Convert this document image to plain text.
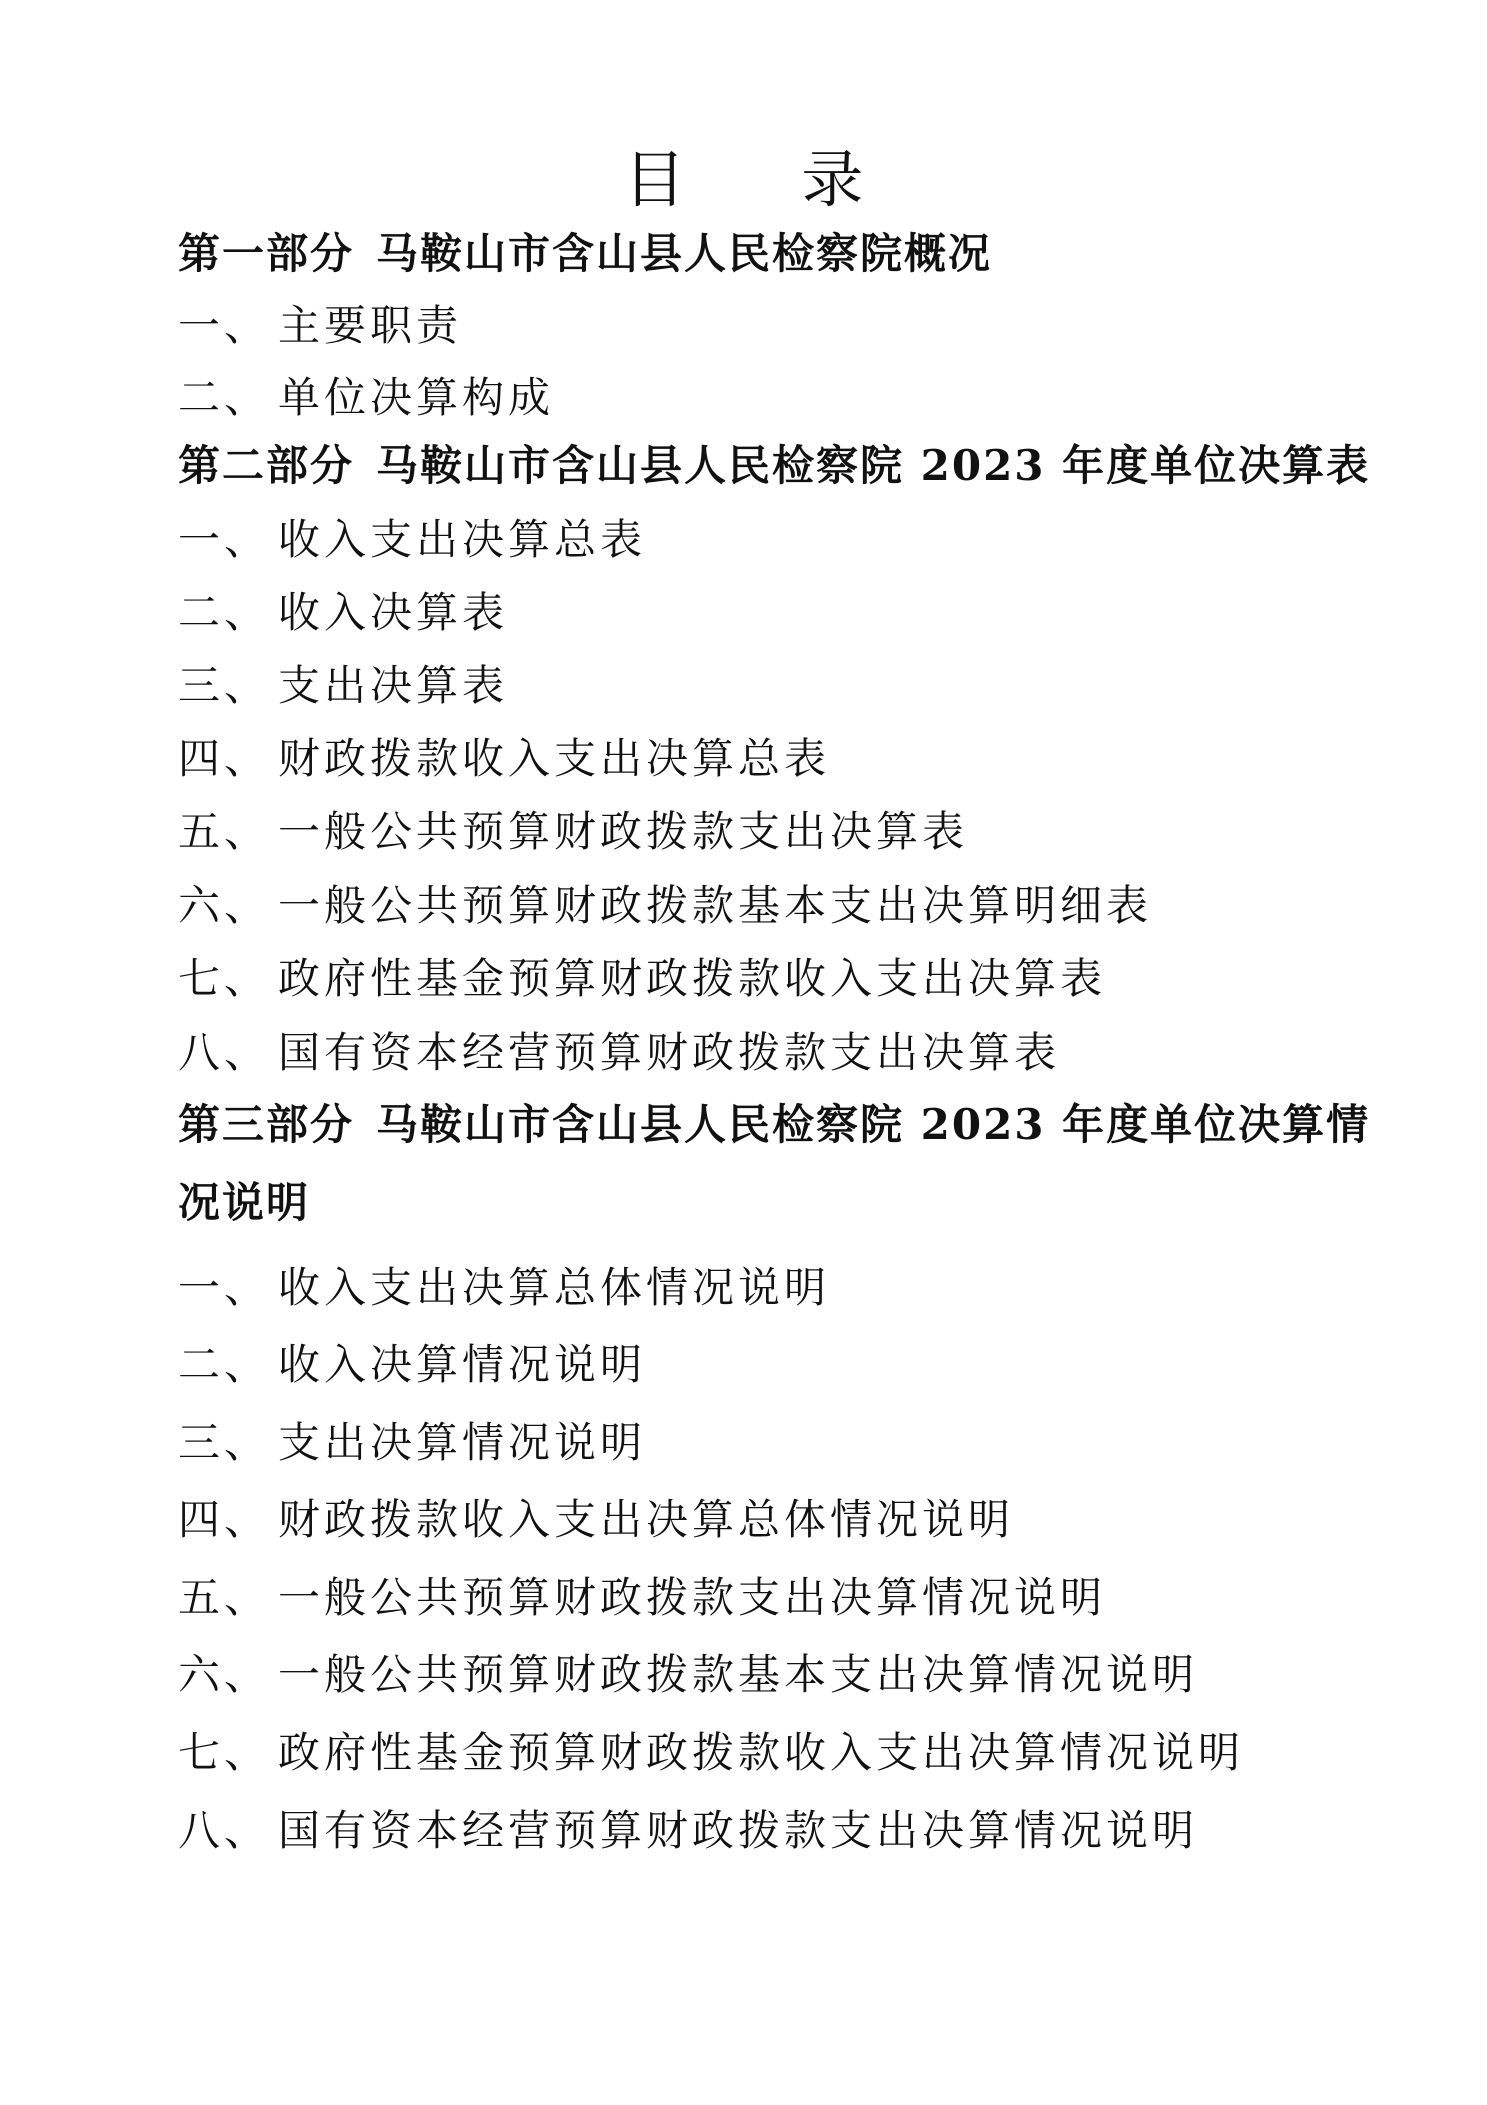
目 录
第一部分 马鞍山市含山县人民检察院概况
一、 主要职责
二、 单位决算构成
第二部分 马鞍山市含山县人民检察院 2023 年度单位决算表
一、 收入支出决算总表
二、 收入决算表
三、 支出决算表
四、 财政拨款收入支出决算总表
五、 一般公共预算财政拨款支出决算表
六、 一般公共预算财政拨款基本支出决算明细表
七、 政府性基金预算财政拨款收入支出决算表
八、 国有资本经营预算财政拨款支出决算表
第三部分 马鞍山市含山县人民检察院 2023 年度单位决算情况说明
一、 收入支出决算总体情况说明
二、 收入决算情况说明
三、 支出决算情况说明
四、 财政拨款收入支出决算总体情况说明
五、 一般公共预算财政拨款支出决算情况说明
六、 一般公共预算财政拨款基本支出决算情况说明
七、 政府性基金预算财政拨款收入支出决算情况说明
八、 国有资本经营预算财政拨款支出决算情况说明
